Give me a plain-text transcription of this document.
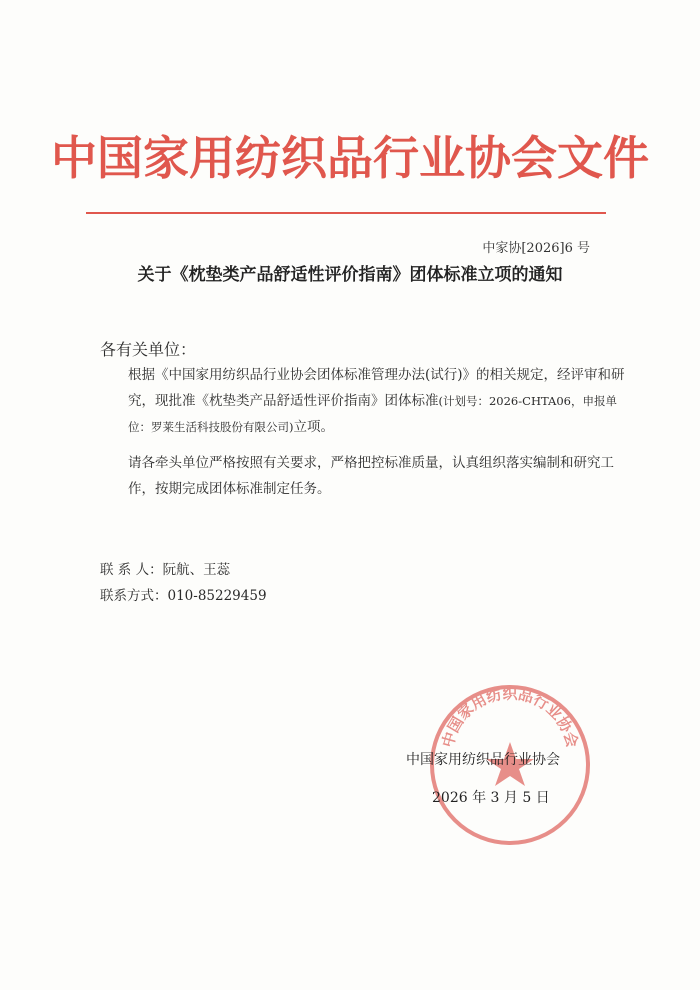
中国家用纺织品行业协会文件
中家协[2026]6 号
关于《枕垫类产品舒适性评价指南》团体标准立项的通知
各有关单位：
根据《中国家用纺织品行业协会团体标准管理办法(试行)》的相关规定，经评审和研究，现批准《枕垫类产品舒适性评价指南》团体标准(计划号：2026-CHTA06，申报单位：罗莱生活科技股份有限公司)立项。
请各牵头单位严格按照有关要求，严格把控标准质量，认真组织落实编制和研究工作，按期完成团体标准制定任务。
联 系 人：阮航、王蕊
联系方式：010-85229459
中国家用纺织品行业协会
中国家用纺织品行业协会
2026 年 3 月 5 日
